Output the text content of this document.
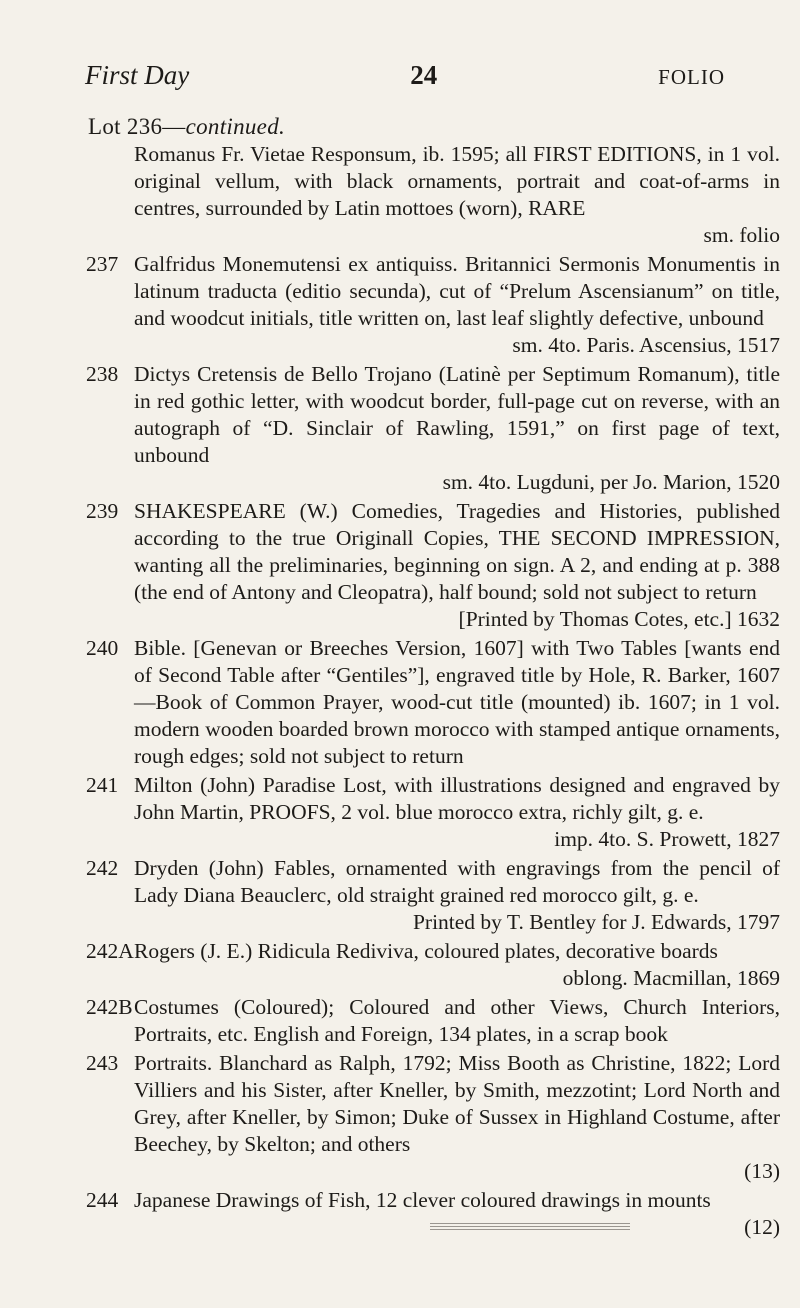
First Day	24	FOLIO
Lot 236—continued.
Romanus Fr. Vietae Responsum, ib. 1595; all FIRST EDITIONS, in 1 vol. original vellum, with black ornaments, portrait and coat-of-arms in centres, surrounded by Latin mottoes (worn), RARE
sm. folio
237 Galfridus Monemutensi ex antiquiss. Britannici Sermonis Monumentis in latinum traducta (editio secunda), cut of “Prelum Ascensianum” on title, and woodcut initials, title written on, last leaf slightly defective, unbound
sm. 4to. Paris. Ascensius, 1517
238 Dictys Cretensis de Bello Trojano (Latinè per Septimum Romanum), title in red gothic letter, with woodcut border, full-page cut on reverse, with an autograph of “D. Sinclair of Rawling, 1591,” on first page of text, unbound
sm. 4to. Lugduni, per Jo. Marion, 1520
239 SHAKESPEARE (W.) Comedies, Tragedies and Histories, published according to the true Originall Copies, THE SECOND IMPRESSION, wanting all the preliminaries, beginning on sign. A 2, and ending at p. 388 (the end of Antony and Cleopatra), half bound; sold not subject to return
[Printed by Thomas Cotes, etc.] 1632
240 Bible. [Genevan or Breeches Version, 1607] with Two Tables [wants end of Second Table after “Gentiles”], engraved title by Hole, R. Barker, 1607—Book of Common Prayer, wood-cut title (mounted) ib. 1607; in 1 vol. modern wooden boarded brown morocco with stamped antique ornaments, rough edges; sold not subject to return
241 Milton (John) Paradise Lost, with illustrations designed and engraved by John Martin, PROOFS, 2 vol. blue morocco extra, richly gilt, g. e.
imp. 4to. S. Prowett, 1827
242 Dryden (John) Fables, ornamented with engravings from the pencil of Lady Diana Beauclerc, old straight grained red morocco gilt, g. e.
Printed by T. Bentley for J. Edwards, 1797
242A Rogers (J. E.) Ridicula Rediviva, coloured plates, decorative boards
oblong. Macmillan, 1869
242B Costumes (Coloured); Coloured and other Views, Church Interiors, Portraits, etc. English and Foreign, 134 plates, in a scrap book
243 Portraits. Blanchard as Ralph, 1792; Miss Booth as Christine, 1822; Lord Villiers and his Sister, after Kneller, by Smith, mezzotint; Lord North and Grey, after Kneller, by Simon; Duke of Sussex in Highland Costume, after Beechey, by Skelton; and others
(13)
244 Japanese Drawings of Fish, 12 clever coloured drawings in mounts
(12)
